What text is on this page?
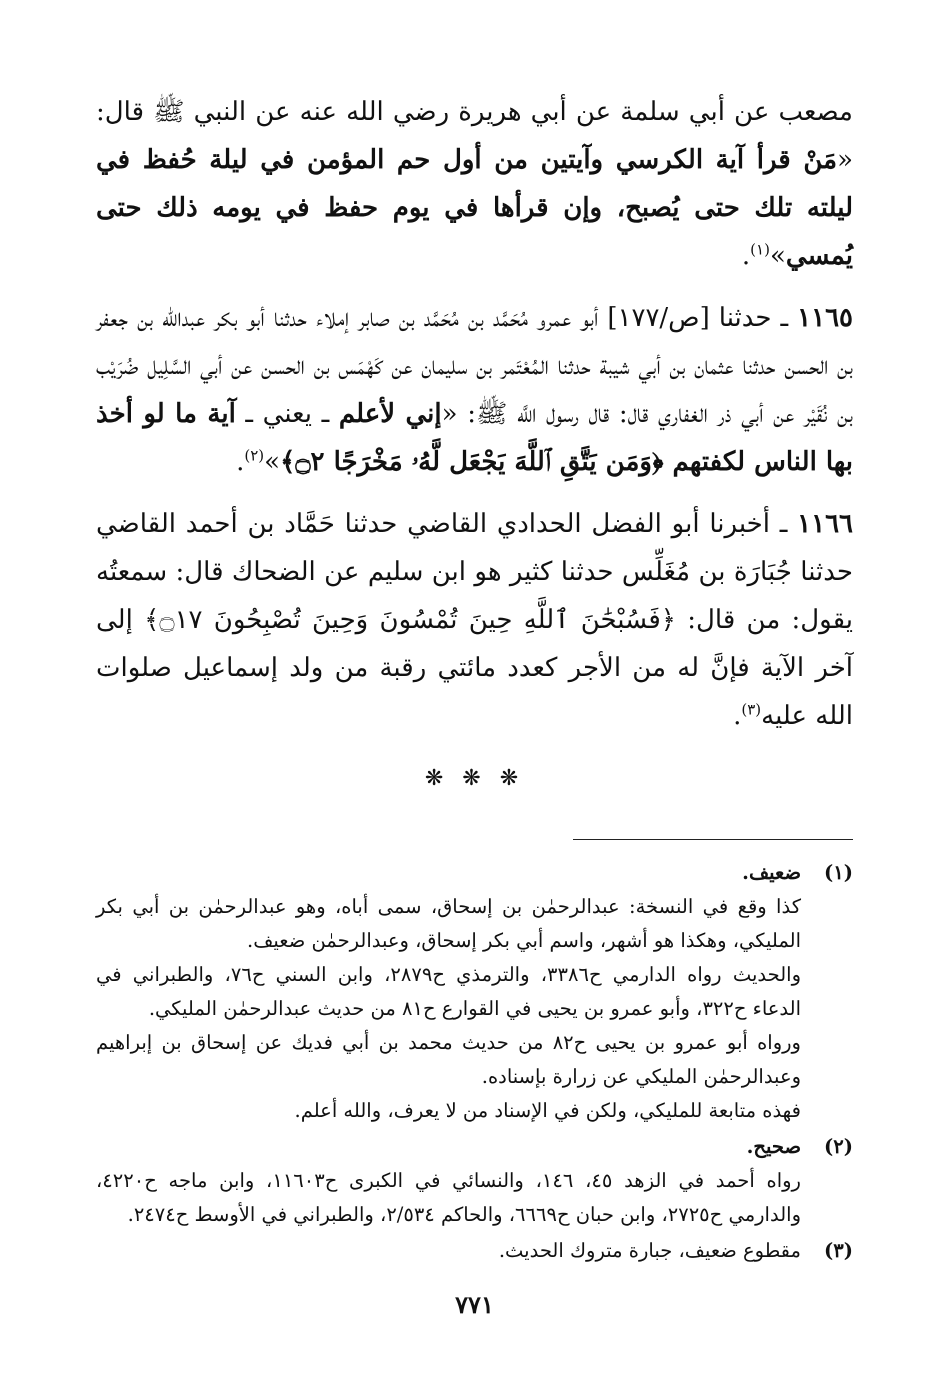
مصعب عن أبي سلمة عن أبي هريرة رضي الله عنه عن النبي ﷺ قال: «مَنْ قرأ آية الكرسي وآيتين من أول حم المؤمن في ليلة حُفظ في ليلته تلك حتى يُصبح، وإن قرأها في يوم حفظ في يومه ذلك حتى يُمسي»$^{(١)}$.

١١٦٥ ـ حدثنا [ص/١٧٧] أبو عمرو مُحَمَّد بن مُحَمَّد بن صابر إملاء حدثنا أبو بكر عبدالله بن جعفر بن الحسن حدثنا عثمان بن أبي شيبة حدثنا المُعْتَمر بن سليمان عن كَهْمَس بن الحسن عن أبي السَّلِيل ضُرَيْب بن نُقَيْر عن أبي ذر الغفاري قال: قال رسول اللَّه ﷺ: «إني لأعلم ـ يعني ـ آية ما لو أخذ بها الناس لكفتهم ﴿وَمَن يَتَّقِ ٱللَّهَ يَجْعَل لَّهُۥ مَخْرَجًا ۝٢﴾»$^{(٢)}$.

١١٦٦ ـ أخبرنا أبو الفضل الحدادي القاضي حدثنا حَمَّاد بن أحمد القاضي حدثنا جُبَارَة بن مُغَلِّس حدثنا كثير هو ابن سليم عن الضحاك قال: سمعتُه يقول: من قال: ﴿فَسُبْحَٰنَ ٱللَّهِ حِينَ تُمْسُونَ وَحِينَ تُصْبِحُونَ ۝١٧﴾ إلى آخر الآية فإنَّ له من الأجر كعدد مائتي رقبة من ولد إسماعيل صلوات الله عليه$^{(٣)}$.

❋ ❋ ❋
(١)

ضعيف.

كذا وقع في النسخة: عبدالرحمٰن بن إسحاق، سمى أباه، وهو عبدالرحمٰن بن أبي بكر المليكي، وهكذا هو أشهر، واسم أبي بكر إسحاق، وعبدالرحمٰن ضعيف.

والحديث رواه الدارمي ح٣٣٨٦، والترمذي ح٢٨٧٩، وابن السني ح٧٦، والطبراني في الدعاء ح٣٢٢، وأبو عمرو بن يحيى في القوارع ح٨١ من حديث عبدالرحمٰن المليكي.

ورواه أبو عمرو بن يحيى ح٨٢ من حديث محمد بن أبي فديك عن إسحاق بن إبراهيم وعبدالرحمٰن المليكي عن زرارة بإسناده.

فهذه متابعة للمليكي، ولكن في الإسناد من لا يعرف، والله أعلم.

(٢)

صحيح.

رواه أحمد في الزهد ٤٥، ١٤٦، والنسائي في الكبرى ح١١٦٠٣، وابن ماجه ح٤٢٢٠، والدارمي ح٢٧٢٥، وابن حبان ح٦٦٦٩، والحاكم ٢/٥٣٤، والطبراني في الأوسط ح٢٤٧٤.

(٣)

مقطوع ضعيف، جبارة متروك الحديث.

٧٧١
